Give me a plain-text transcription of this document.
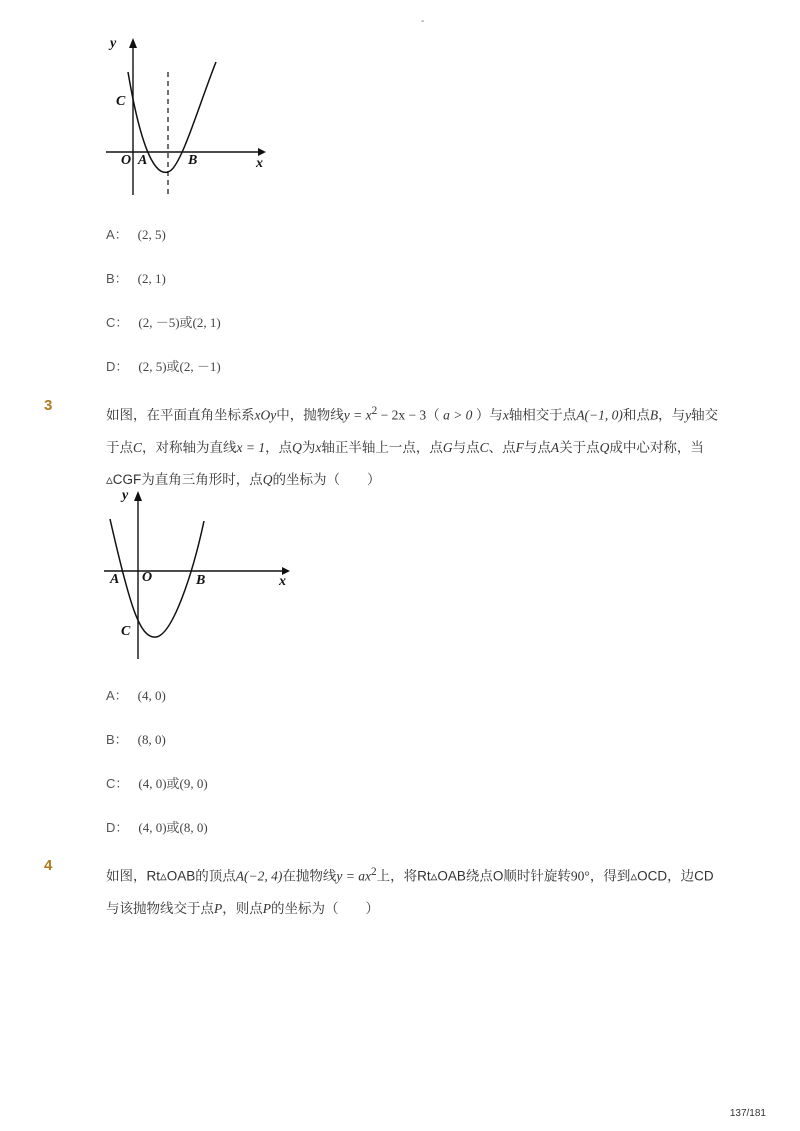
-
y
x
C
O A	B
A： (2, 5)
B： (2, 1)
C： (2, －5)或(2, 1)
D： (2, 5)或(2, －1)
3
如图，在平面直角坐标系xOy中，抛物线$y = x^2 - 2x - 3$（ a > 0 ）与x轴相交于点A(−1, 0)和点B，与y轴交于点C，对称轴为直线x = 1，点Q为x轴正半轴上一点，点G与点C、点F与点A关于点Q成中心对称，当▵CGF为直角三角形时，点Q的坐标为（　　）
y
x
A O	B
C
A： (4, 0)
B： (8, 0)
C： (4, 0)或(9, 0)
D： (4, 0)或(8, 0)
4
如图，Rt▵OAB的顶点A(−2, 4)在抛物线$y = ax^2$上，将Rt▵OAB绕点O顺时针旋转90°，得到▵OCD，边CD与该抛物线交于点P，则点P的坐标为（　　）
137/181
